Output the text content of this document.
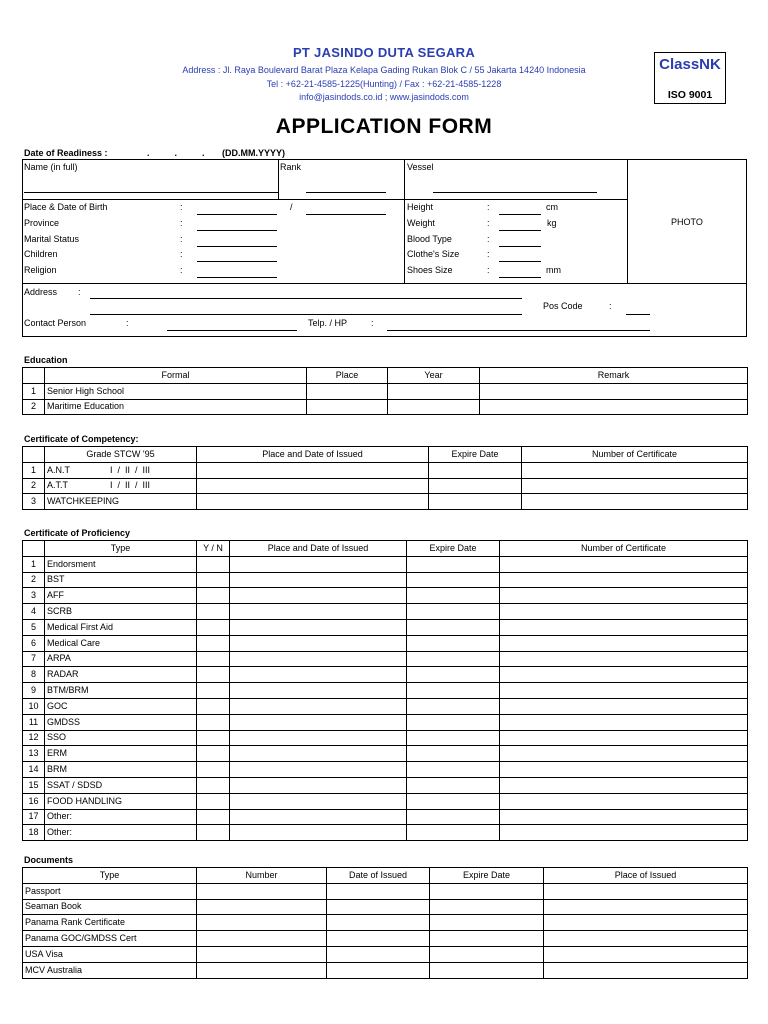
PT JASINDO DUTA SEGARA
Address : Jl. Raya Boulevard Barat Plaza Kelapa Gading Rukan Blok C / 55 Jakarta 14240 Indonesia
Tel : +62-21-4585-1225(Hunting) / Fax : +62-21-4585-1228
info@jasindods.co.id ; www.jasindods.com
ClassNK
ISO 9001
APPLICATION FORM
Date of Readiness :	.          .          . (DD.MM.YYYY)
Name (in full)	Rank	Vessel
PHOTO
Place & Date of Birth	:	/
Province	:
Marital Status	:
Children	:
Religion	:
Height	:	cm
Weight	:	kg
Blood Type	:
Clothe's Size	:
Shoes Size	:	mm
Address :
Pos Code	:
Contact Person	:	Telp. / HP	:
Education
	Formal	Place	Year	Remark
1	Senior High School			
2	Maritime Education			
Certificate of Competency:
	Grade STCW '95	Place and Date of Issued	Expire Date	Number of Certificate
1	A.N.T I  /  II  /  III			
2	A.T.T I  /  II  /  III			
3	WATCHKEEPING			
Certificate of Proficiency
	Type	Y / N	Place and Date of Issued	Expire Date	Number of Certificate
1	Endorsment				
2	BST				
3	AFF				
4	SCRB				
5	Medical First Aid				
6	Medical Care				
7	ARPA				
8	RADAR				
9	BTM/BRM				
10	GOC				
11	GMDSS				
12	SSO				
13	ERM				
14	BRM				
15	SSAT / SDSD				
16	FOOD HANDLING				
17	Other:				
18	Other:				
Documents
Type	Number	Date of Issued	Expire Date	Place of Issued
Passport				
Seaman Book				
Panama Rank Certificate				
Panama GOC/GMDSS Cert				
USA Visa				
MCV Australia				
